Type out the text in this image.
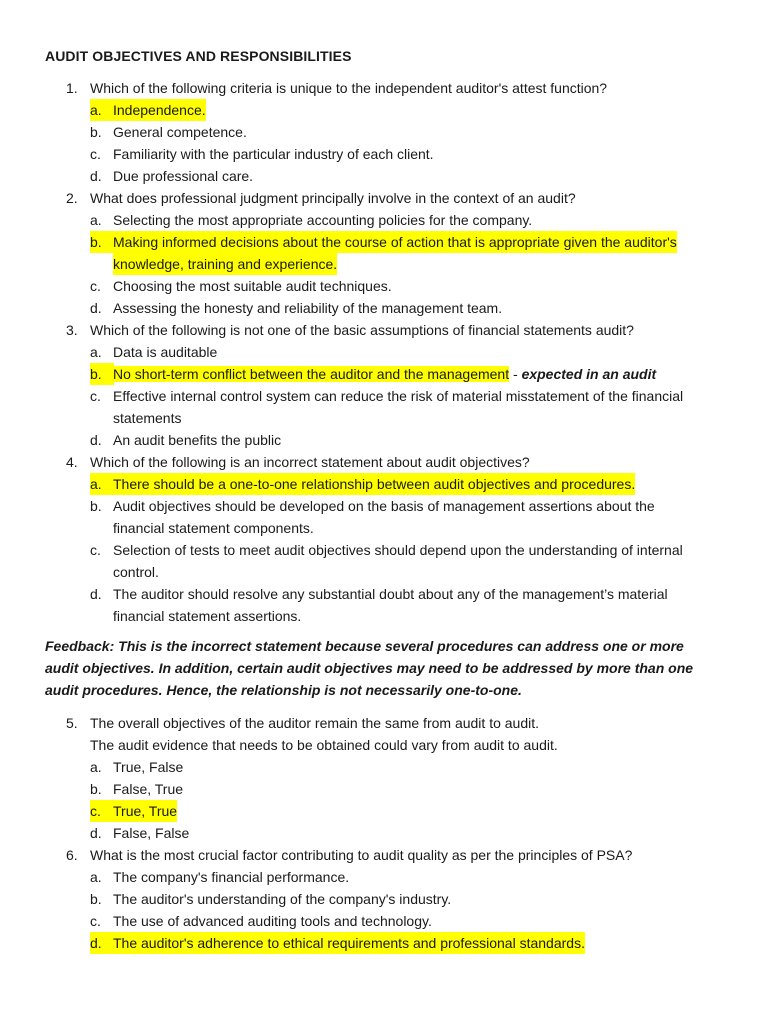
AUDIT OBJECTIVES AND RESPONSIBILITIES
1. Which of the following criteria is unique to the independent auditor's attest function?
a. Independence.
b. General competence.
c. Familiarity with the particular industry of each client.
d. Due professional care.
2. What does professional judgment principally involve in the context of an audit?
a. Selecting the most appropriate accounting policies for the company.
b. Making informed decisions about the course of action that is appropriate given the auditor's
knowledge, training and experience.
c. Choosing the most suitable audit techniques.
d. Assessing the honesty and reliability of the management team.
3. Which of the following is not one of the basic assumptions of financial statements audit?
a. Data is auditable
b. No short-term conflict between the auditor and the management - expected in an audit
c. Effective internal control system can reduce the risk of material misstatement of the financial
statements
d. An audit benefits the public
4. Which of the following is an incorrect statement about audit objectives?
a. There should be a one-to-one relationship between audit objectives and procedures.
b. Audit objectives should be developed on the basis of management assertions about the
financial statement components.
c. Selection of tests to meet audit objectives should depend upon the understanding of internal
control.
d. The auditor should resolve any substantial doubt about any of the management’s material
financial statement assertions.
Feedback: This is the incorrect statement because several procedures can address one or more
audit objectives. In addition, certain audit objectives may need to be addressed by more than one
audit procedures. Hence, the relationship is not necessarily one-to-one.
5. The overall objectives of the auditor remain the same from audit to audit.
The audit evidence that needs to be obtained could vary from audit to audit.
a. True, False
b. False, True
c. True, True
d. False, False
6. What is the most crucial factor contributing to audit quality as per the principles of PSA?
a. The company's financial performance.
b. The auditor's understanding of the company's industry.
c. The use of advanced auditing tools and technology.
d. The auditor's adherence to ethical requirements and professional standards.
